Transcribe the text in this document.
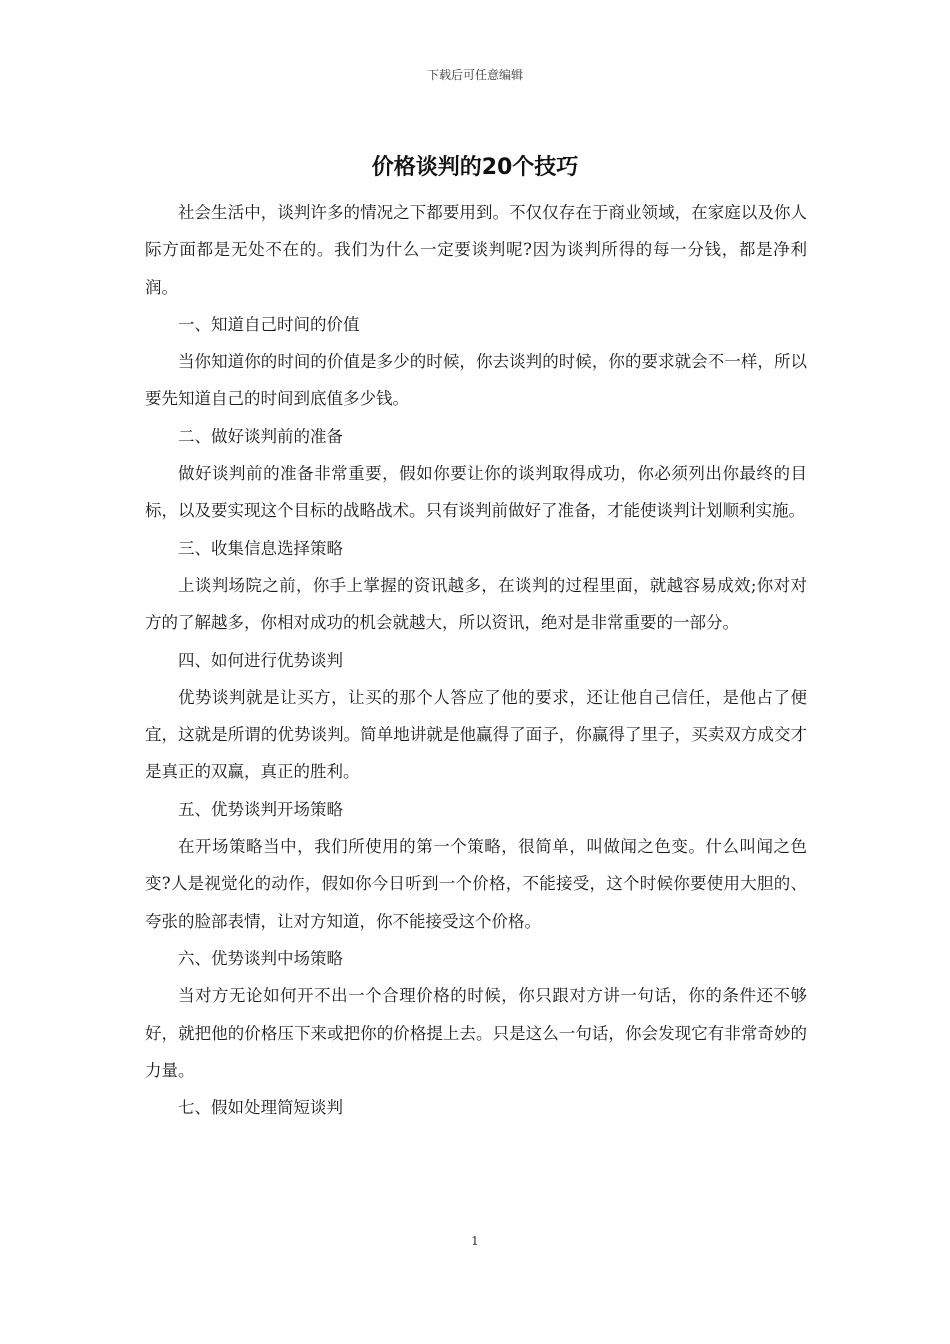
下载后可任意编辑
价格谈判的20个技巧

社会生活中，谈判许多的情况之下都要用到。不仅仅存在于商业领域，在家庭以及你人际方面都是无处不在的。我们为什么一定要谈判呢?因为谈判所得的每一分钱，都是净利润。

一、知道自己时间的价值

当你知道你的时间的价值是多少的时候，你去谈判的时候，你的要求就会不一样，所以要先知道自己的时间到底值多少钱。

二、做好谈判前的准备

做好谈判前的准备非常重要，假如你要让你的谈判取得成功，你必须列出你最终的目标，以及要实现这个目标的战略战术。只有谈判前做好了准备，才能使谈判计划顺利实施。

三、收集信息选择策略

上谈判场院之前，你手上掌握的资讯越多，在谈判的过程里面，就越容易成效;你对对方的了解越多，你相对成功的机会就越大，所以资讯，绝对是非常重要的一部分。

四、如何进行优势谈判

优势谈判就是让买方，让买的那个人答应了他的要求，还让他自己信任，是他占了便宜，这就是所谓的优势谈判。简单地讲就是他赢得了面子，你赢得了里子，买卖双方成交才是真正的双赢，真正的胜利。

五、优势谈判开场策略

在开场策略当中，我们所使用的第一个策略，很简单，叫做闻之色变。什么叫闻之色变?人是视觉化的动作，假如你今日听到一个价格，不能接受，这个时候你要使用大胆的、夸张的脸部表情，让对方知道，你不能接受这个价格。

六、优势谈判中场策略

当对方无论如何开不出一个合理价格的时候，你只跟对方讲一句话，你的条件还不够好，就把他的价格压下来或把你的价格提上去。只是这么一句话，你会发现它有非常奇妙的力量。

七、假如处理简短谈判

1
